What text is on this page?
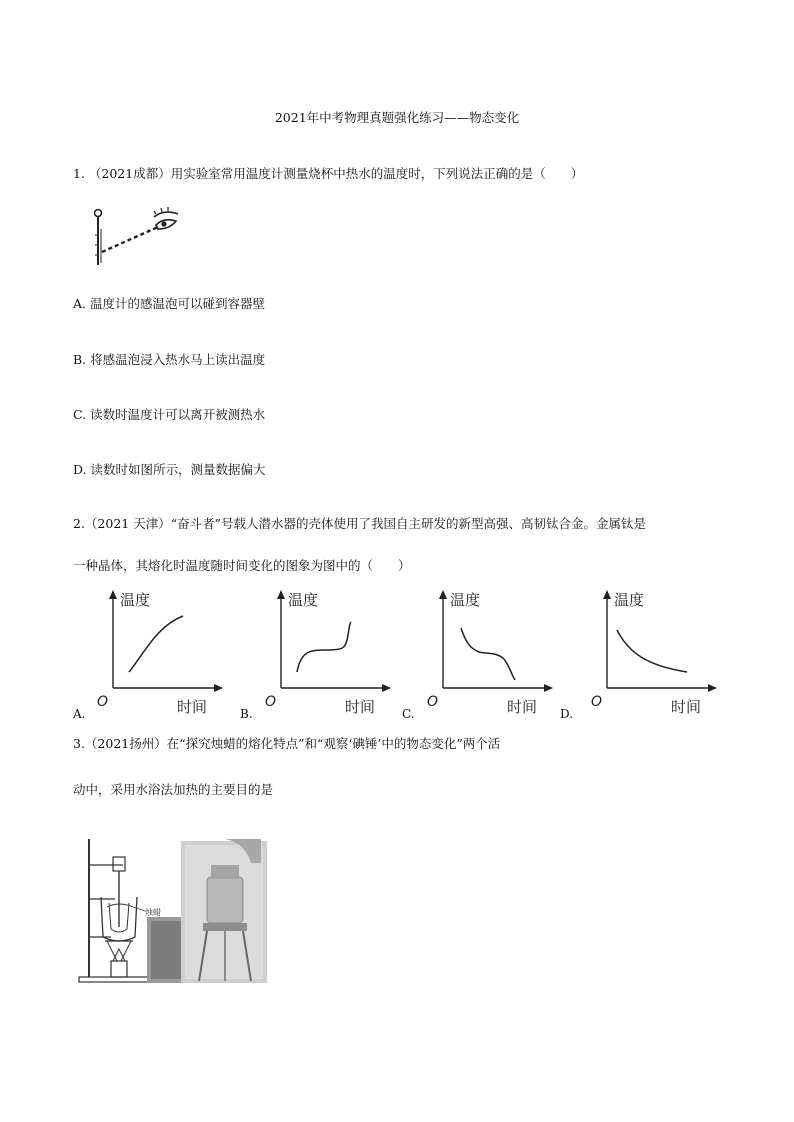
2021年中考物理真题强化练习——物态变化
1. （2021成都）用实验室常用温度计测量烧杯中热水的温度时，下列说法正确的是（　　）
A. 温度计的感温泡可以碰到容器壁
B. 将感温泡浸入热水马上读出温度
C. 读数时温度计可以离开被测热水
D. 读数时如图所示，测量数据偏大
2.（2021 天津）“奋斗者”号载人潜水器的壳体使用了我国自主研发的新型高强、高韧钛合金。金属钛是
一种晶体，其熔化时温度随时间变化的图象为图中的（　　）
温度
O	时间
A.
温度
O	时间
B.
温度
O	时间
C.
温度
O	时间
D.
3.（2021扬州）在“探究烛蜡的熔化特点”和“观察‘碘锤’中的物态变化”两个活
动中，采用水浴法加热的主要目的是
烛蜡
